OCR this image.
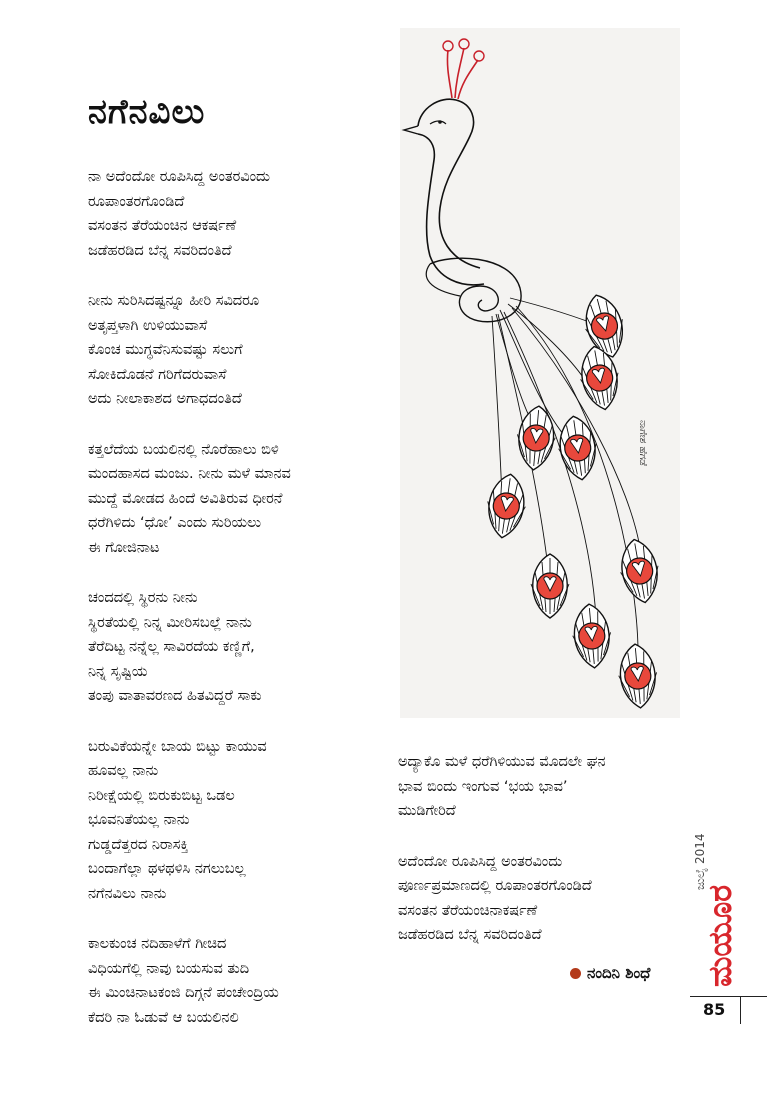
ನಗೆನವಿಲು
ನಾ ಅದೆಂದೋ ರೂಪಿಸಿದ್ದ ಅಂತರವಿಂದು
ರೂಪಾಂತರಗೊಂಡಿದೆ
ವಸಂತನ ತೆರೆಯಂಚಿನ ಆಕರ್ಷಣೆ
ಜಡೆಹರಡಿದ ಬೆನ್ನ ಸವರಿದಂತಿದೆ
ನೀನು ಸುರಿಸಿದಷ್ಟನ್ನೂ ಹೀರಿ ಸವಿದರೂ
ಅತೃಪ್ತಳಾಗಿ ಉಳಿಯುವಾಸೆ
ಕೊಂಚ ಮುಗ್ಧವೆನಿಸುವಷ್ಟು ಸಲುಗೆ
ಸೋಕಿದೊಡನೆ ಗರಿಗೆದರುವಾಸೆ
ಅದು ನೀಲಾಕಾಶದ ಅಗಾಧದಂತಿದೆ
ಕತ್ತಲೆದೆಯ ಬಯಲಿನಲ್ಲಿ ನೊರೆಹಾಲು ಬಿಳಿ
ಮಂದಹಾಸದ ಮಂಜು. ನೀನು ಮಳೆ ಮಾನವ
ಮುದ್ದೆ ಮೋಡದ ಹಿಂದೆ ಅವಿತಿರುವ ಧೀರನೆ
ಧರೆಗಿಳಿದು ‘ಧೋ’ ಎಂದು ಸುರಿಯಲು
ಈ ಗೋಜಿನಾಟ
ಚಂದದಲ್ಲಿ ಸ್ಥಿರನು ನೀನು
ಸ್ಥಿರತೆಯಲ್ಲಿ ನಿನ್ನ ಮೀರಿಸಬಲ್ಲೆ ನಾನು
ತೆರೆದಿಟ್ಟ ನನ್ನೆಲ್ಲ ಸಾವಿರದೆಯ ಕಣ್ಣಿಗೆ,
ನಿನ್ನ ಸೃಷ್ಟಿಯ
ತಂಪು ವಾತಾವರಣದ ಹಿತವಿದ್ದರೆ ಸಾಕು
ಬರುವಿಕೆಯನ್ನೇ ಬಾಯ ಬಿಟ್ಟು ಕಾಯುವ
ಹೂವಲ್ಲ ನಾನು
ನಿರೀಕ್ಷೆಯಲ್ಲಿ ಬಿರುಕುಬಿಟ್ಟ ಒಡಲ
ಭೂವನಿತೆಯಲ್ಲ ನಾನು
ಗುಡ್ಡದೆತ್ತರದ ನಿರಾಸಕ್ತಿ
ಬಂದಾಗೆಲ್ಲಾ ಥಳಥಳಿಸಿ ನಗಲುಬಲ್ಲ
ನಗೆನವಿಲು ನಾನು
ಕಾಲಕುಂಚ ನದಿಹಾಳೆಗೆ ಗೀಚಿದ
ವಿಧಿಯಗೆಲ್ಲಿ ನಾವು ಬಯಸುವ ತುದಿ
ಈ ಮಿಂಚಿನಾಟಕಂಜಿ ದಿಗ್ಗನೆ ಪಂಚೇಂದ್ರಿಯ
ಕೆದರಿ ನಾ ಓಡುವೆ ಆ ಬಯಲಿನಲಿ
ಅದ್ಯಾಕೊ ಮಳೆ ಧರೆಗಿಳಿಯುವ ಮೊದಲೇ ಘನ
ಭಾವ ಬಿಂದು ಇಂಗುವ ‘ಭಯ ಭಾವ’
ಮುಡಿಗೇರಿದೆ
ಅದೆಂದೋ ರೂಪಿಸಿದ್ದ ಅಂತರವಿಂದು
ಪೂರ್ಣಪ್ರಮಾಣದಲ್ಲಿ ರೂಪಾಂತರಗೊಂಡಿದೆ
ವಸಂತನ ತೆರೆಯಂಚಿನಾಕರ್ಷಣೆ
ಜಡೆಹರಡಿದ ಬೆನ್ನ ಸವರಿದಂತಿದೆ
ನಾಗೇಶ ಹೆಗಡೆ
ನಂದಿನಿ ಶಿಂಧೆ
ಜುಲೈ 2014
ಮಯೂರ
85
